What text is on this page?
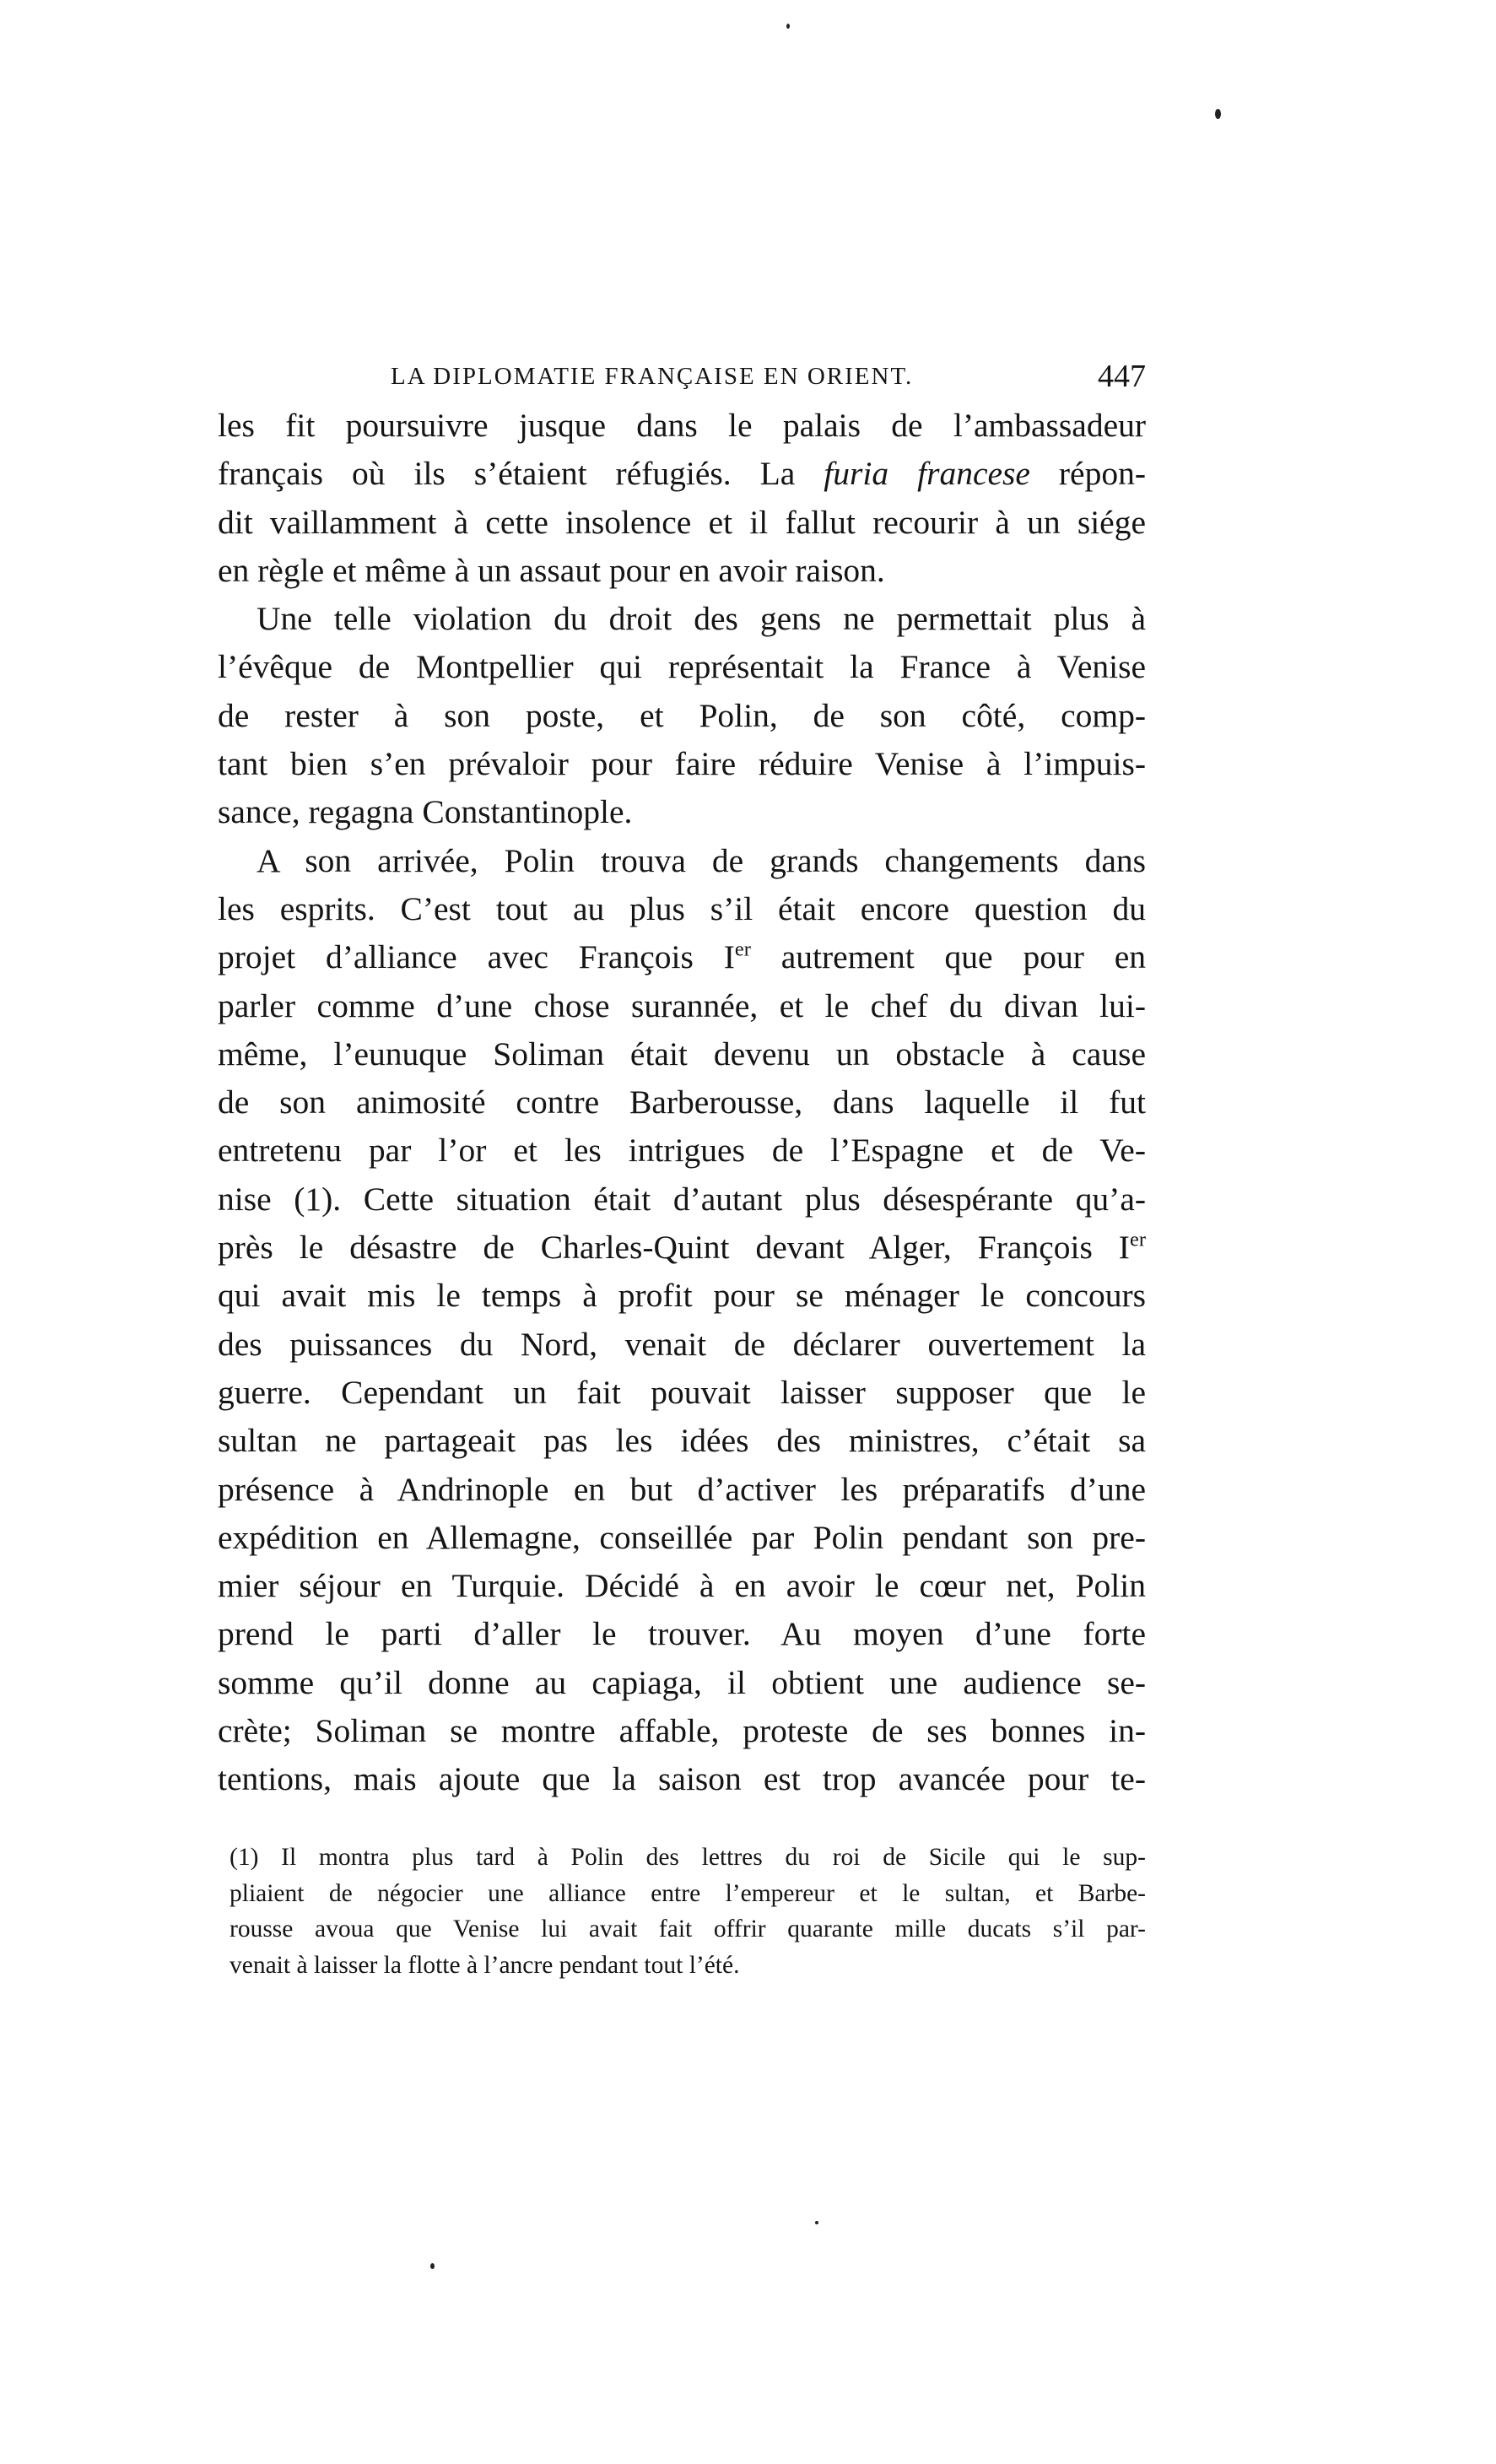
LA DIPLOMATIE FRANÇAISE EN ORIENT.	447
les fit poursuivre jusque dans le palais de l’ambassadeur
français où ils s’étaient réfugiés. La furia francese répon-
dit vaillamment à cette insolence et il fallut recourir à un siége
en règle et même à un assaut pour en avoir raison.
Une telle violation du droit des gens ne permettait plus à
l’évêque de Montpellier qui représentait la France à Venise
de rester à son poste, et Polin, de son côté, comp-
tant bien s’en prévaloir pour faire réduire Venise à l’impuis-
sance, regagna Constantinople.
A son arrivée, Polin trouva de grands changements dans
les esprits. C’est tout au plus s’il était encore question du
projet d’alliance avec François Ier autrement que pour en
parler comme d’une chose surannée, et le chef du divan lui-
même, l’eunuque Soliman était devenu un obstacle à cause
de son animosité contre Barberousse, dans laquelle il fut
entretenu par l’or et les intrigues de l’Espagne et de Ve-
nise (1). Cette situation était d’autant plus désespérante qu’a-
près le désastre de Charles-Quint devant Alger, François Ier
qui avait mis le temps à profit pour se ménager le concours
des puissances du Nord, venait de déclarer ouvertement la
guerre. Cependant un fait pouvait laisser supposer que le
sultan ne partageait pas les idées des ministres, c’était sa
présence à Andrinople en but d’activer les préparatifs d’une
expédition en Allemagne, conseillée par Polin pendant son pre-
mier séjour en Turquie. Décidé à en avoir le cœur net, Polin
prend le parti d’aller le trouver. Au moyen d’une forte
somme qu’il donne au capiaga, il obtient une audience se-
crète; Soliman se montre affable, proteste de ses bonnes in-
tentions, mais ajoute que la saison est trop avancée pour te-
(1) Il montra plus tard à Polin des lettres du roi de Sicile qui le sup-
pliaient de négocier une alliance entre l’empereur et le sultan, et Barbe-
rousse avoua que Venise lui avait fait offrir quarante mille ducats s’il par-
venait à laisser la flotte à l’ancre pendant tout l’été.
